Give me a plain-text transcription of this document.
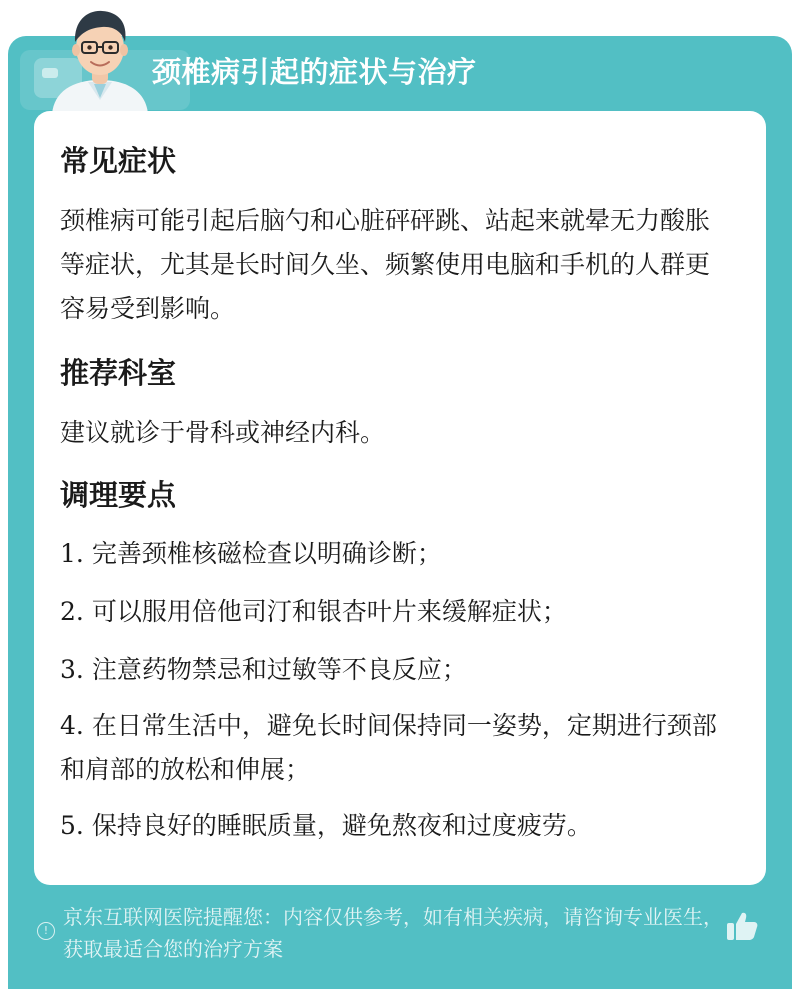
颈椎病引起的症状与治疗
常见症状
颈椎病可能引起后脑勺和心脏砰砰跳、站起来就晕无力酸胀等症状，尤其是长时间久坐、频繁使用电脑和手机的人群更容易受到影响。
推荐科室
建议就诊于骨科或神经内科。
调理要点
1. 完善颈椎核磁检查以明确诊断；
2. 可以服用倍他司汀和银杏叶片来缓解症状；
3. 注意药物禁忌和过敏等不良反应；
4. 在日常生活中，避免长时间保持同一姿势，定期进行颈部和肩部的放松和伸展；
5. 保持良好的睡眠质量，避免熬夜和过度疲劳。
!
京东互联网医院提醒您：内容仅供参考，如有相关疾病，请咨询专业医生，获取最适合您的治疗方案
